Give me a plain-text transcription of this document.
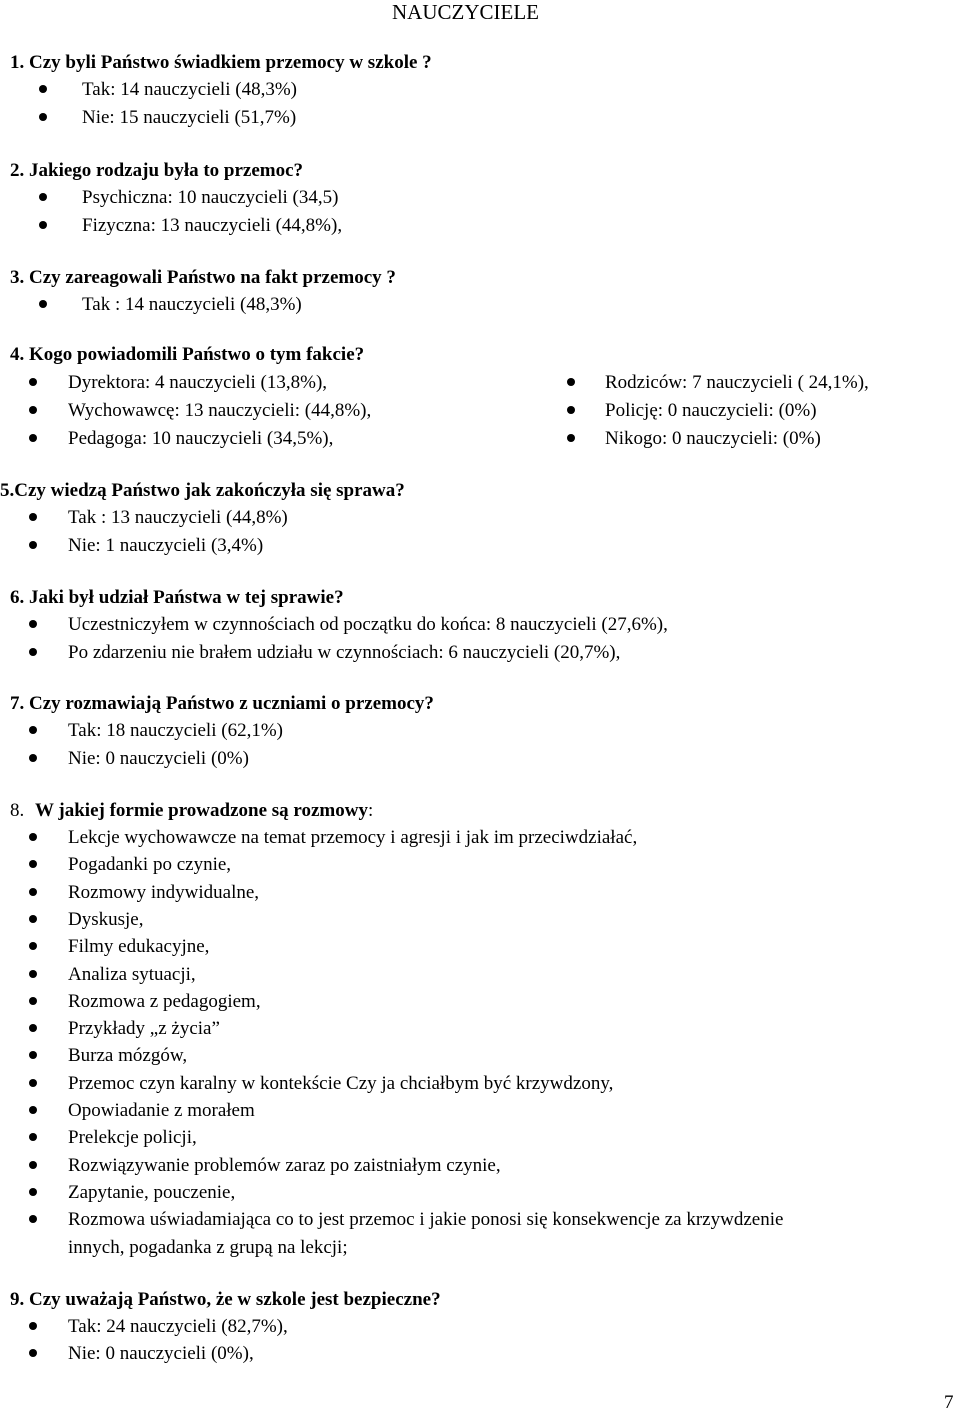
NAUCZYCIELE
1. Czy byli Państwo świadkiem przemocy w szkole ?
Tak: 14 nauczycieli (48,3%)
Nie: 15 nauczycieli (51,7%)
2. Jakiego rodzaju była to przemoc?
Psychiczna: 10 nauczycieli (34,5)
Fizyczna: 13 nauczycieli (44,8%),
3. Czy zareagowali Państwo na fakt przemocy ?
Tak : 14 nauczycieli (48,3%)
4. Kogo powiadomili Państwo o tym fakcie?
Dyrektora: 4 nauczycieli (13,8%),
Wychowawcę: 13 nauczycieli: (44,8%),
Pedagoga: 10 nauczycieli (34,5%),
Rodziców: 7 nauczycieli ( 24,1%),
Policję: 0 nauczycieli: (0%)
Nikogo: 0 nauczycieli: (0%)
5.Czy wiedzą Państwo jak zakończyła się sprawa?
Tak : 13 nauczycieli (44,8%)
Nie: 1 nauczycieli (3,4%)
6. Jaki był udział Państwa w tej sprawie?
Uczestniczyłem w czynnościach od początku do końca: 8 nauczycieli (27,6%),
Po zdarzeniu nie brałem udziału w czynnościach: 6 nauczycieli (20,7%),
7. Czy rozmawiają Państwo z uczniami o przemocy?
Tak: 18 nauczycieli (62,1%)
Nie: 0 nauczycieli (0%)
8. W jakiej formie prowadzone są rozmowy:
Lekcje wychowawcze na temat przemocy i agresji i jak im przeciwdziałać,
Pogadanki po czynie,
Rozmowy indywidualne,
Dyskusje,
Filmy edukacyjne,
Analiza sytuacji,
Rozmowa z pedagogiem,
Przykłady „z życia”
Burza mózgów,
Przemoc czyn karalny w kontekście Czy ja chciałbym być krzywdzony,
Opowiadanie z morałem
Prelekcje policji,
Rozwiązywanie problemów zaraz po zaistniałym czynie,
Zapytanie, pouczenie,
Rozmowa uświadamiająca co to jest przemoc i jakie ponosi się konsekwencje za krzywdzenie
innych, pogadanka z grupą na lekcji;
9. Czy uważają Państwo, że w szkole jest bezpieczne?
Tak: 24 nauczycieli (82,7%),
Nie: 0 nauczycieli (0%),
7
